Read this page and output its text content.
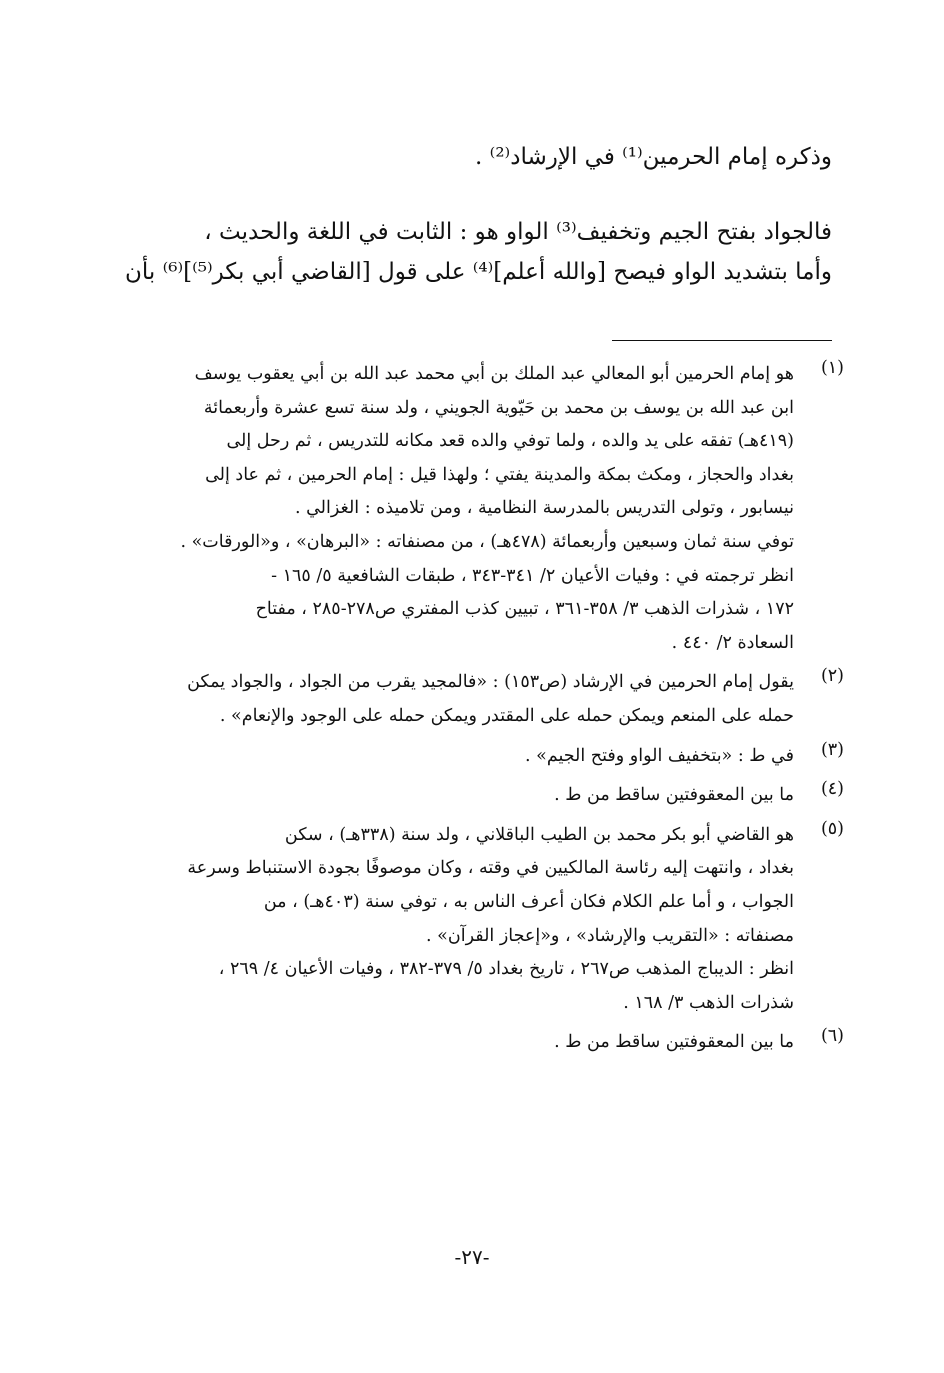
وذكره إمام الحرمين⁽¹⁾ في الإرشاد⁽²⁾ .
فالجواد بفتح الجيم وتخفيف⁽³⁾ الواو هو : الثابت في اللغة والحديث ،
وأما بتشديد الواو فيصح [والله أعلم]⁽⁴⁾ على قول [القاضي أبي بكر⁽⁵⁾]⁽⁶⁾ بأن
(١)
هو إمام الحرمين أبو المعالي عبد الملك بن أبي محمد عبد الله بن أبي يعقوب يوسف
ابن عبد الله بن يوسف بن محمد بن حَيّوية الجويني ، ولد سنة تسع عشرة وأربعمائة
(٤١٩هـ) تفقه على يد والده ، ولما توفي والده قعد مكانه للتدريس ، ثم رحل إلى
بغداد والحجاز ، ومكث بمكة والمدينة يفتي ؛ ولهذا قيل : إمام الحرمين ، ثم عاد إلى
نيسابور ، وتولى التدريس بالمدرسة النظامية ، ومن تلاميذه : الغزالي .
توفي سنة ثمان وسبعين وأربعمائة (٤٧٨هـ) ، من مصنفاته : «البرهان» ، و«الورقات» .
انظر ترجمته في : وفيات الأعيان ٢/ ٣٤١-٣٤٣ ، طبقات الشافعية ٥/ ١٦٥ -
١٧٢ ، شذرات الذهب ٣/ ٣٥٨-٣٦١ ، تبيين كذب المفتري ص٢٧٨-٢٨٥ ، مفتاح
السعادة ٢/ ٤٤٠ .
(٢)
يقول إمام الحرمين في الإرشاد (ص١٥٣) : «فالمجيد يقرب من الجواد ، والجواد يمكن
حمله على المنعم ويمكن حمله على المقتدر ويمكن حمله على الوجود والإنعام» .
(٣)
في ط : «بتخفيف الواو وفتح الجيم» .
(٤)
ما بين المعقوفتين ساقط من ط .
(٥)
هو القاضي أبو بكر محمد بن الطيب الباقلاني ، ولد سنة (٣٣٨هـ) ، سكن
بغداد ، وانتهت إليه رئاسة المالكيين في وقته ، وكان موصوفًا بجودة الاستنباط وسرعة
الجواب ، و أما علم الكلام فكان أعرف الناس به ، توفي سنة (٤٠٣هـ) ، من
مصنفاته : «التقريب والإرشاد» ، و«إعجاز القرآن» .
انظر : الديباج المذهب ص٢٦٧ ، تاريخ بغداد ٥/ ٣٧٩-٣٨٢ ، وفيات الأعيان ٤/ ٢٦٩ ،
شذرات الذهب ٣/ ١٦٨ .
(٦)
ما بين المعقوفتين ساقط من ط .
-٢٧-
